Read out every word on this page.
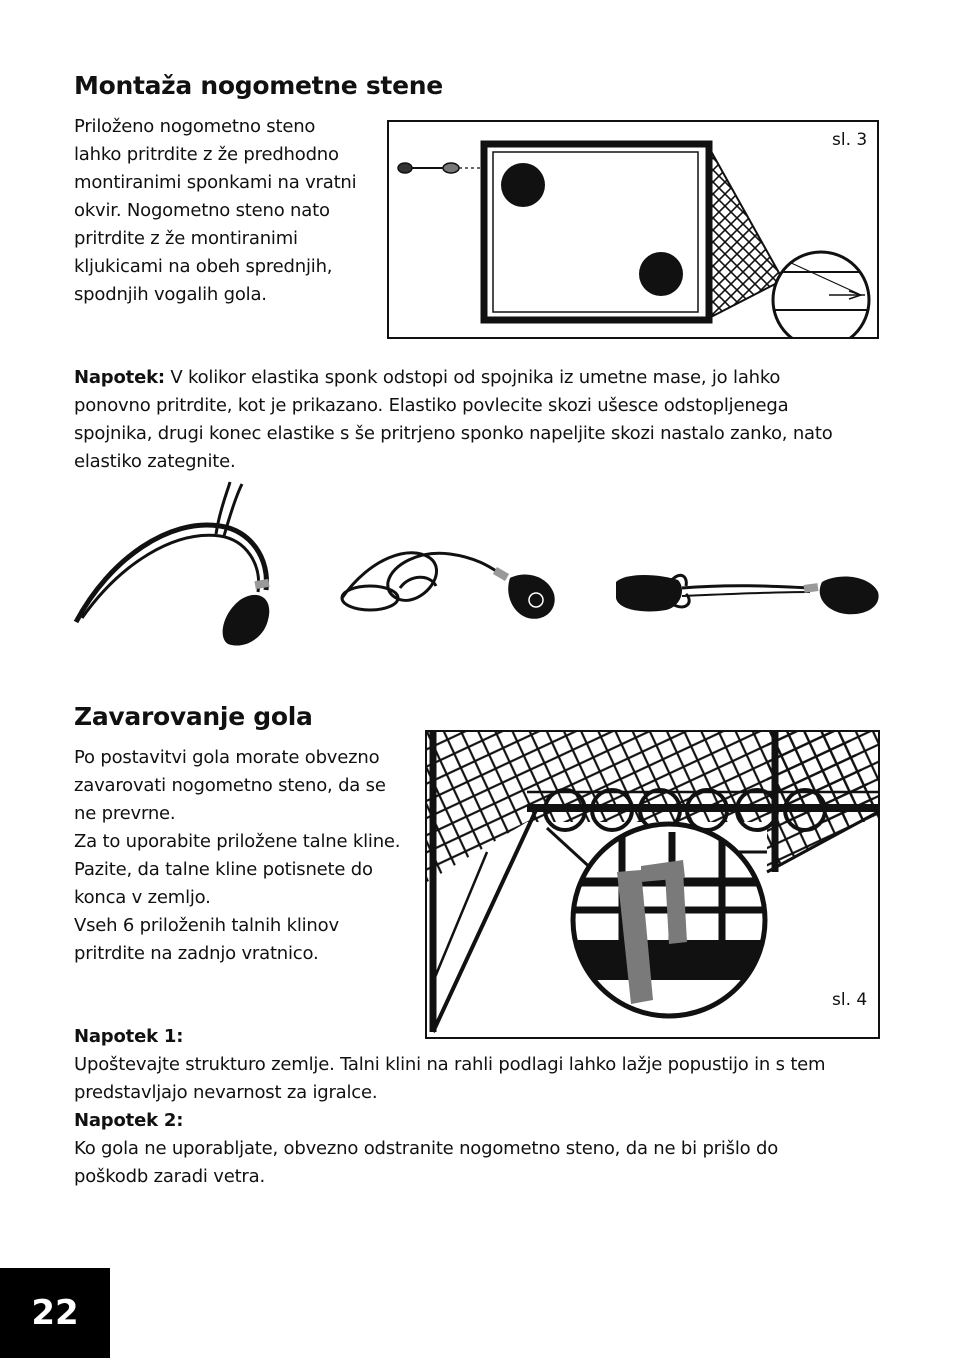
Montaža nogometne stene
Priloženo nogometno steno
lahko pritrdite z že predhodno
montiranimi sponkami na vratni
okvir. Nogometno steno nato
pritrdite z že montiranimi
kljukicami na obeh sprednjih,
spodnjih vogalih gola.
sl. 3
Napotek: V kolikor elastika sponk odstopi od spojnika iz umetne mase, jo lahko
ponovno pritrdite, kot je prikazano. Elastiko povlecite skozi ušesce odstopljenega
spojnika, drugi konec elastike s še pritrjeno sponko napeljite skozi nastalo zanko, nato
elastiko zategnite.
Zavarovanje gola
Po postavitvi gola morate obvezno
zavarovati nogometno steno, da se
ne prevrne.
Za to uporabite priložene talne kline.
Pazite, da talne kline potisnete do
konca v zemljo.
Vseh 6 priloženih talnih klinov
pritrdite na zadnjo vratnico.
sl. 4
Napotek 1:
Upoštevajte strukturo zemlje. Talni klini na rahli podlagi lahko lažje popustijo in s tem
predstavljajo nevarnost za igralce.
Napotek 2:
Ko gola ne uporabljate, obvezno odstranite nogometno steno, da ne bi prišlo do
poškodb zaradi vetra.
22
